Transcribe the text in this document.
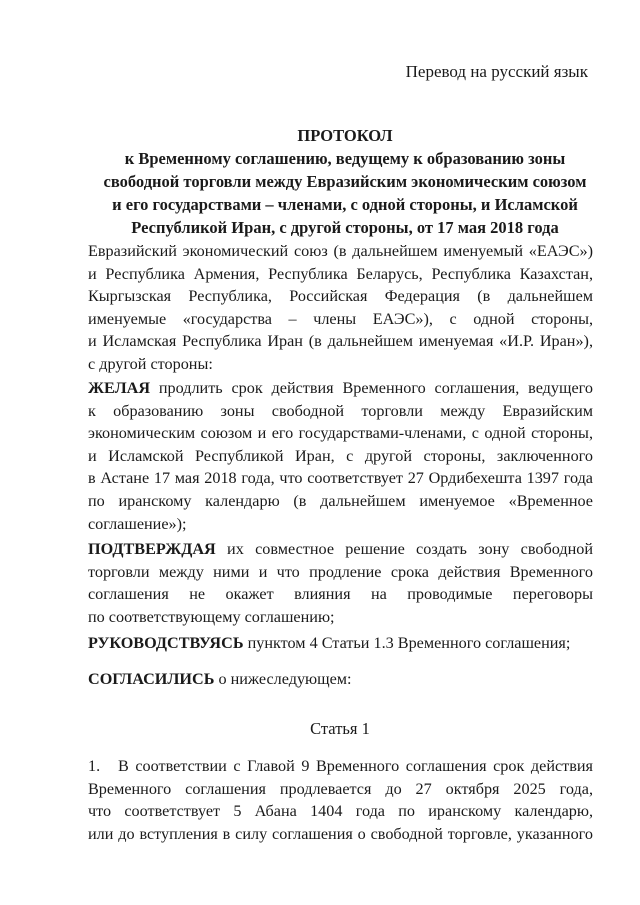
Перевод на русский язык
ПРОТОКОЛ
к Временному соглашению, ведущему к образованию зоны
свободной торговли между Евразийским экономическим союзом
и его государствами – членами, с одной стороны, и Исламской
Республикой Иран, с другой стороны, от 17 мая 2018 года
Евразийский экономический союз (в дальнейшем именуемый «ЕАЭС»)
и Республика Армения, Республика Беларусь, Республика Казахстан,
Кыргызская Республика, Российская Федерация (в дальнейшем
именуемые «государства – члены ЕАЭС»), с одной стороны,
и Исламская Республика Иран (в дальнейшем именуемая «И.Р. Иран»),
с другой стороны:
ЖЕЛАЯ продлить срок действия Временного соглашения, ведущего
к образованию зоны свободной торговли между Евразийским
экономическим союзом и его государствами-членами, с одной стороны,
и Исламской Республикой Иран, с другой стороны, заключенного
в Астане 17 мая 2018 года, что соответствует 27 Ордибехешта 1397 года
по иранскому календарю (в дальнейшем именуемое «Временное
соглашение»);
ПОДТВЕРЖДАЯ их совместное решение создать зону свободной
торговли между ними и что продление срока действия Временного
соглашения не окажет влияния на проводимые переговоры
по соответствующему соглашению;
РУКОВОДСТВУЯСЬ пунктом 4 Статьи 1.3 Временного соглашения;
СОГЛАСИЛИСЬ о нижеследующем:
Статья 1
1. В соответствии с Главой 9 Временного соглашения срок действия
Временного соглашения продлевается до 27 октября 2025 года,
что соответствует 5 Абана 1404 года по иранскому календарю,
или до вступления в силу соглашения о свободной торговле, указанного
